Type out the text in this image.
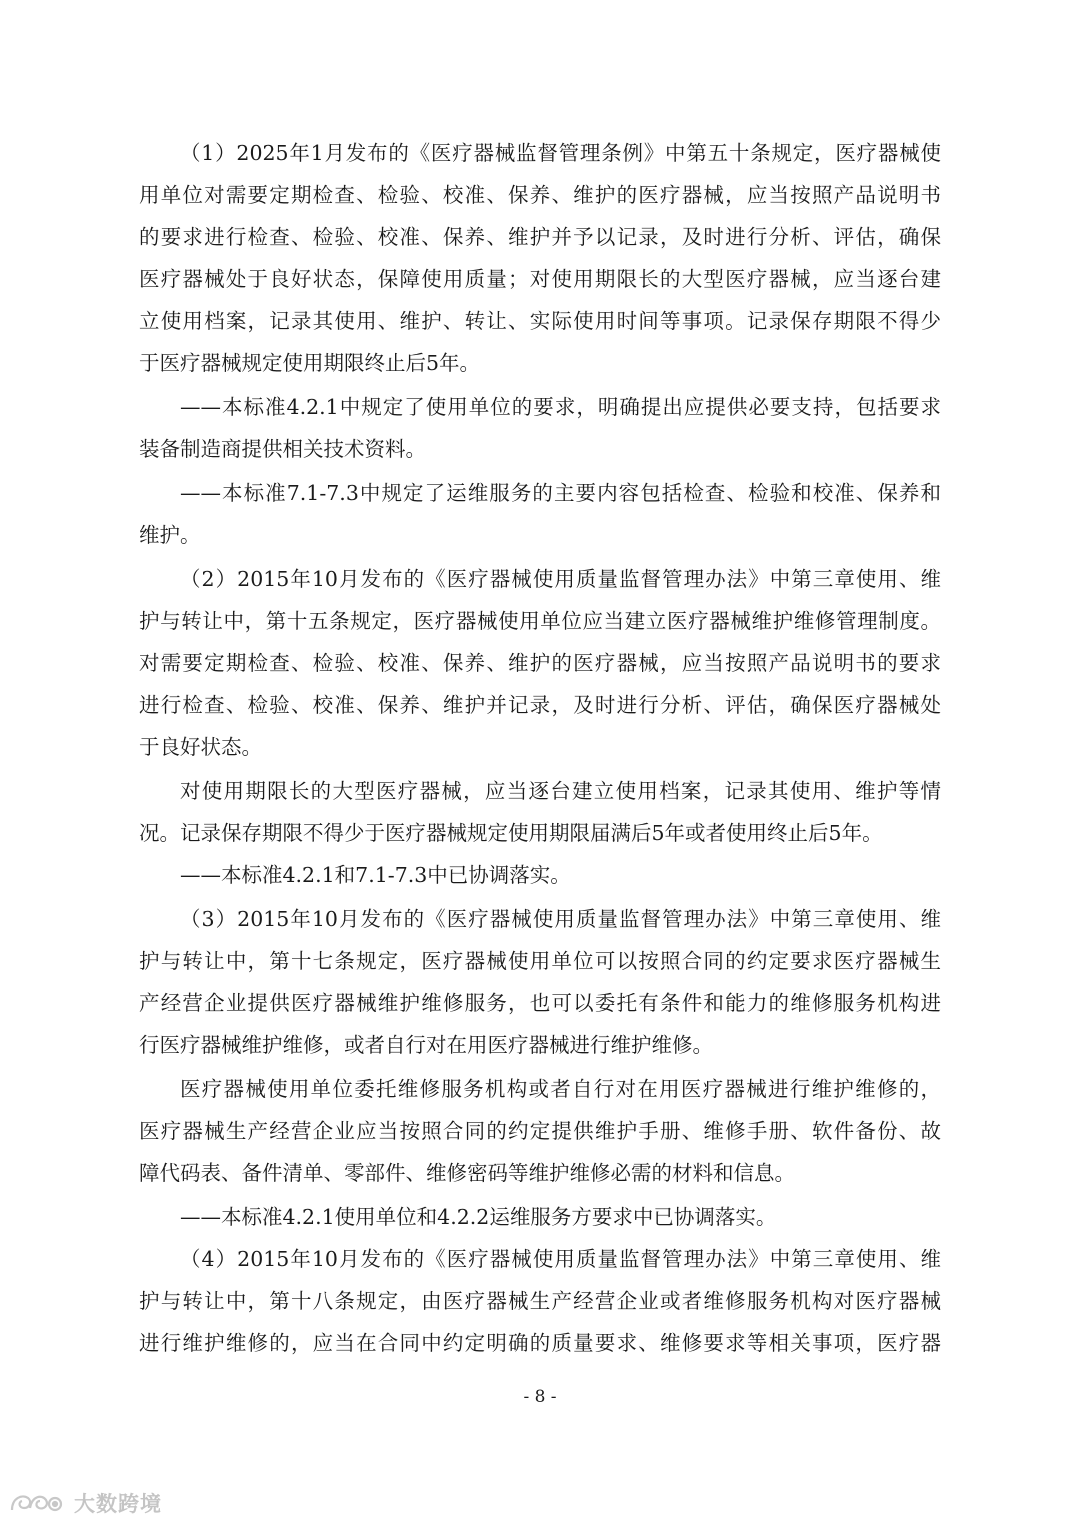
（1）2025年1月发布的《医疗器械监督管理条例》中第五十条规定，医疗器械使
用单位对需要定期检查、检验、校准、保养、维护的医疗器械，应当按照产品说明书
的要求进行检查、检验、校准、保养、维护并予以记录，及时进行分析、评估，确保
医疗器械处于良好状态，保障使用质量；对使用期限长的大型医疗器械，应当逐台建
立使用档案，记录其使用、维护、转让、实际使用时间等事项。记录保存期限不得少
于医疗器械规定使用期限终止后5年。
——本标准4.2.1中规定了使用单位的要求，明确提出应提供必要支持，包括要求
装备制造商提供相关技术资料。
——本标准7.1-7.3中规定了运维服务的主要内容包括检查、检验和校准、保养和
维护。
（2）2015年10月发布的《医疗器械使用质量监督管理办法》中第三章使用、维
护与转让中，第十五条规定，医疗器械使用单位应当建立医疗器械维护维修管理制度。
对需要定期检查、检验、校准、保养、维护的医疗器械，应当按照产品说明书的要求
进行检查、检验、校准、保养、维护并记录，及时进行分析、评估，确保医疗器械处
于良好状态。
对使用期限长的大型医疗器械，应当逐台建立使用档案，记录其使用、维护等情
况。记录保存期限不得少于医疗器械规定使用期限届满后5年或者使用终止后5年。
——本标准4.2.1和7.1-7.3中已协调落实。
（3）2015年10月发布的《医疗器械使用质量监督管理办法》中第三章使用、维
护与转让中，第十七条规定，医疗器械使用单位可以按照合同的约定要求医疗器械生
产经营企业提供医疗器械维护维修服务，也可以委托有条件和能力的维修服务机构进
行医疗器械维护维修，或者自行对在用医疗器械进行维护维修。
医疗器械使用单位委托维修服务机构或者自行对在用医疗器械进行维护维修的，
医疗器械生产经营企业应当按照合同的约定提供维护手册、维修手册、软件备份、故
障代码表、备件清单、零部件、维修密码等维护维修必需的材料和信息。
——本标准4.2.1使用单位和4.2.2运维服务方要求中已协调落实。
（4）2015年10月发布的《医疗器械使用质量监督管理办法》中第三章使用、维
护与转让中，第十八条规定，由医疗器械生产经营企业或者维修服务机构对医疗器械
进行维护维修的，应当在合同中约定明确的质量要求、维修要求等相关事项，医疗器
- 8 -
大数跨境
